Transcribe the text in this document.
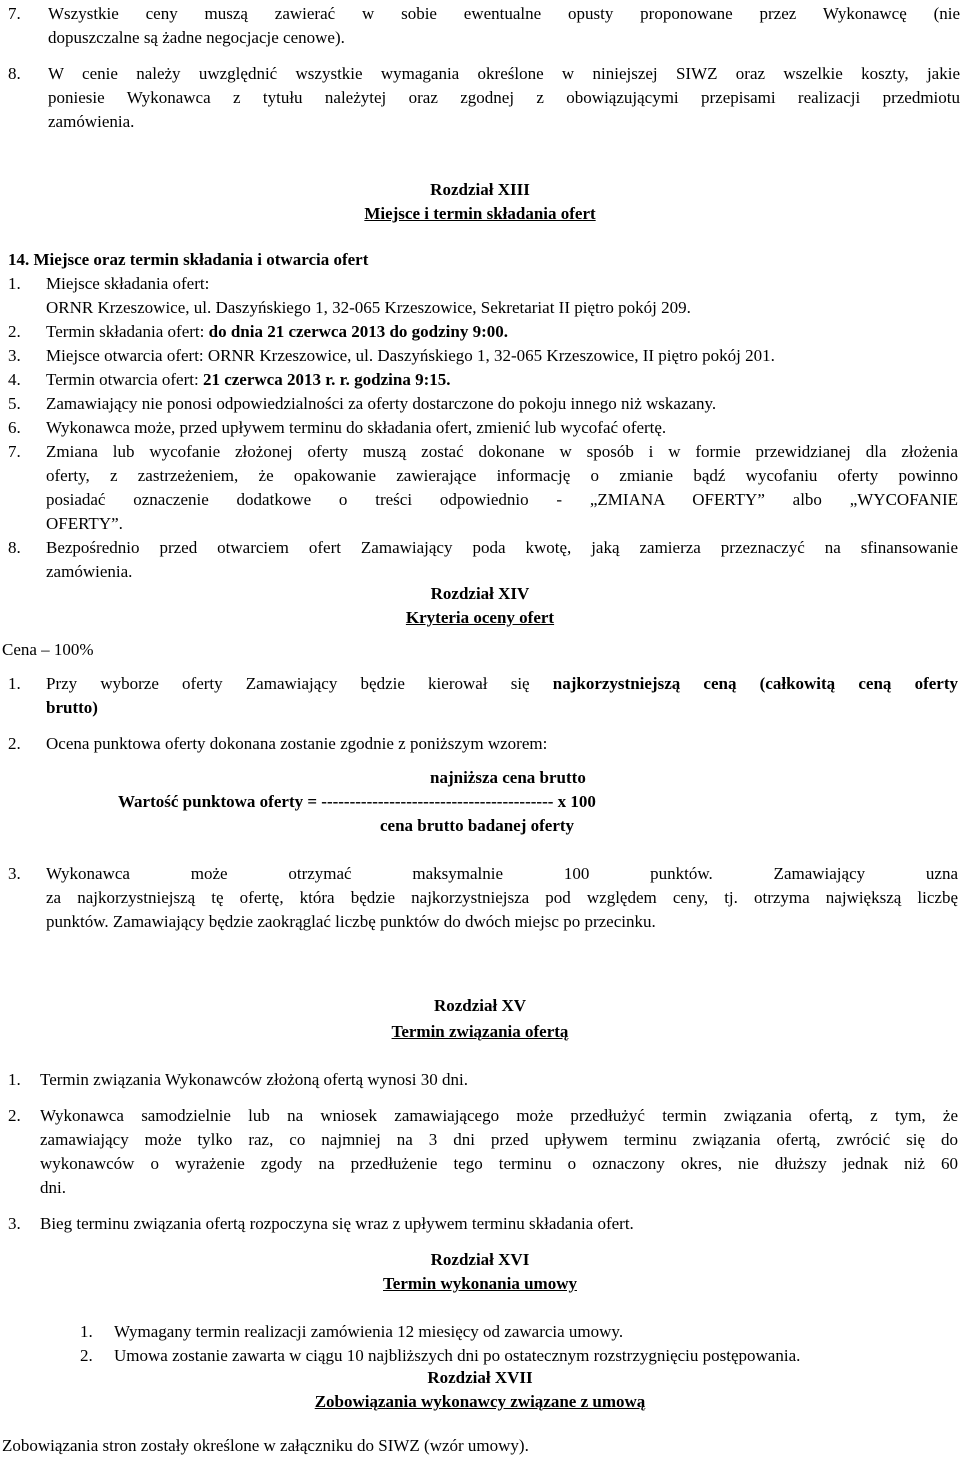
7. Wszystkie ceny muszą zawierać w sobie ewentualne opusty proponowane przez Wykonawcę (nie
dopuszczalne są żadne negocjacje cenowe).
8. W cenie należy uwzględnić wszystkie wymagania określone w niniejszej SIWZ oraz wszelkie koszty, jakie
poniesie Wykonawca z tytułu należytej oraz zgodnej z obowiązującymi przepisami realizacji przedmiotu
zamówienia.
Rozdział XIII
Miejsce i termin składania ofert
14. Miejsce oraz termin składania i otwarcia ofert
1. Miejsce składania ofert:
ORNR Krzeszowice, ul. Daszyńskiego 1, 32-065 Krzeszowice, Sekretariat II piętro pokój 209.
2. Termin składania ofert: do dnia 21 czerwca 2013 do godziny 9:00.
3. Miejsce otwarcia ofert: ORNR Krzeszowice, ul. Daszyńskiego 1, 32-065 Krzeszowice, II piętro pokój 201.
4. Termin otwarcia ofert: 21 czerwca 2013 r. r. godzina 9:15.
5. Zamawiający nie ponosi odpowiedzialności za oferty dostarczone do pokoju innego niż wskazany.
6. Wykonawca może, przed upływem terminu do składania ofert, zmienić lub wycofać ofertę.
7. Zmiana lub wycofanie złożonej oferty muszą zostać dokonane w sposób i w formie przewidzianej dla złożenia
oferty, z zastrzeżeniem, że opakowanie zawierające informację o zmianie bądź wycofaniu oferty powinno
posiadać oznaczenie dodatkowe o treści odpowiednio - „ZMIANA OFERTY” albo „WYCOFANIE
OFERTY”.
8. Bezpośrednio przed otwarciem ofert Zamawiający poda kwotę, jaką zamierza przeznaczyć na sfinansowanie
zamówienia.
Rozdział XIV
Kryteria oceny ofert
Cena – 100%
1. Przy wyborze oferty Zamawiający będzie kierował się najkorzystniejszą ceną (całkowitą ceną oferty
brutto)
2. Ocena punktowa oferty dokonana zostanie zgodnie z poniższym wzorem:
najniższa cena brutto
Wartość punktowa oferty = ----------------------------------------- x 100
cena brutto badanej oferty
3. Wykonawca może otrzymać maksymalnie 100 punktów. Zamawiający uzna
za najkorzystniejszą tę ofertę, która będzie najkorzystniejsza pod względem ceny, tj. otrzyma największą liczbę
punktów. Zamawiający będzie zaokrąglać liczbę punktów do dwóch miejsc po przecinku.
Rozdział XV
Termin związania ofertą
1. Termin związania Wykonawców złożoną ofertą wynosi 30 dni.
2. Wykonawca samodzielnie lub na wniosek zamawiającego może przedłużyć termin związania ofertą, z tym, że
zamawiający może tylko raz, co najmniej na 3 dni przed upływem terminu związania ofertą, zwrócić się do
wykonawców o wyrażenie zgody na przedłużenie tego terminu o oznaczony okres, nie dłuższy jednak niż 60
dni.
3. Bieg terminu związania ofertą rozpoczyna się wraz z upływem terminu składania ofert.
Rozdział XVI
Termin wykonania umowy
1. Wymagany termin realizacji zamówienia 12 miesięcy od zawarcia umowy.
2. Umowa zostanie zawarta w ciągu 10 najbliższych dni po ostatecznym rozstrzygnięciu postępowania.
Rozdział XVII
Zobowiązania wykonawcy związane z umową
Zobowiązania stron zostały określone w załączniku do SIWZ (wzór umowy).
